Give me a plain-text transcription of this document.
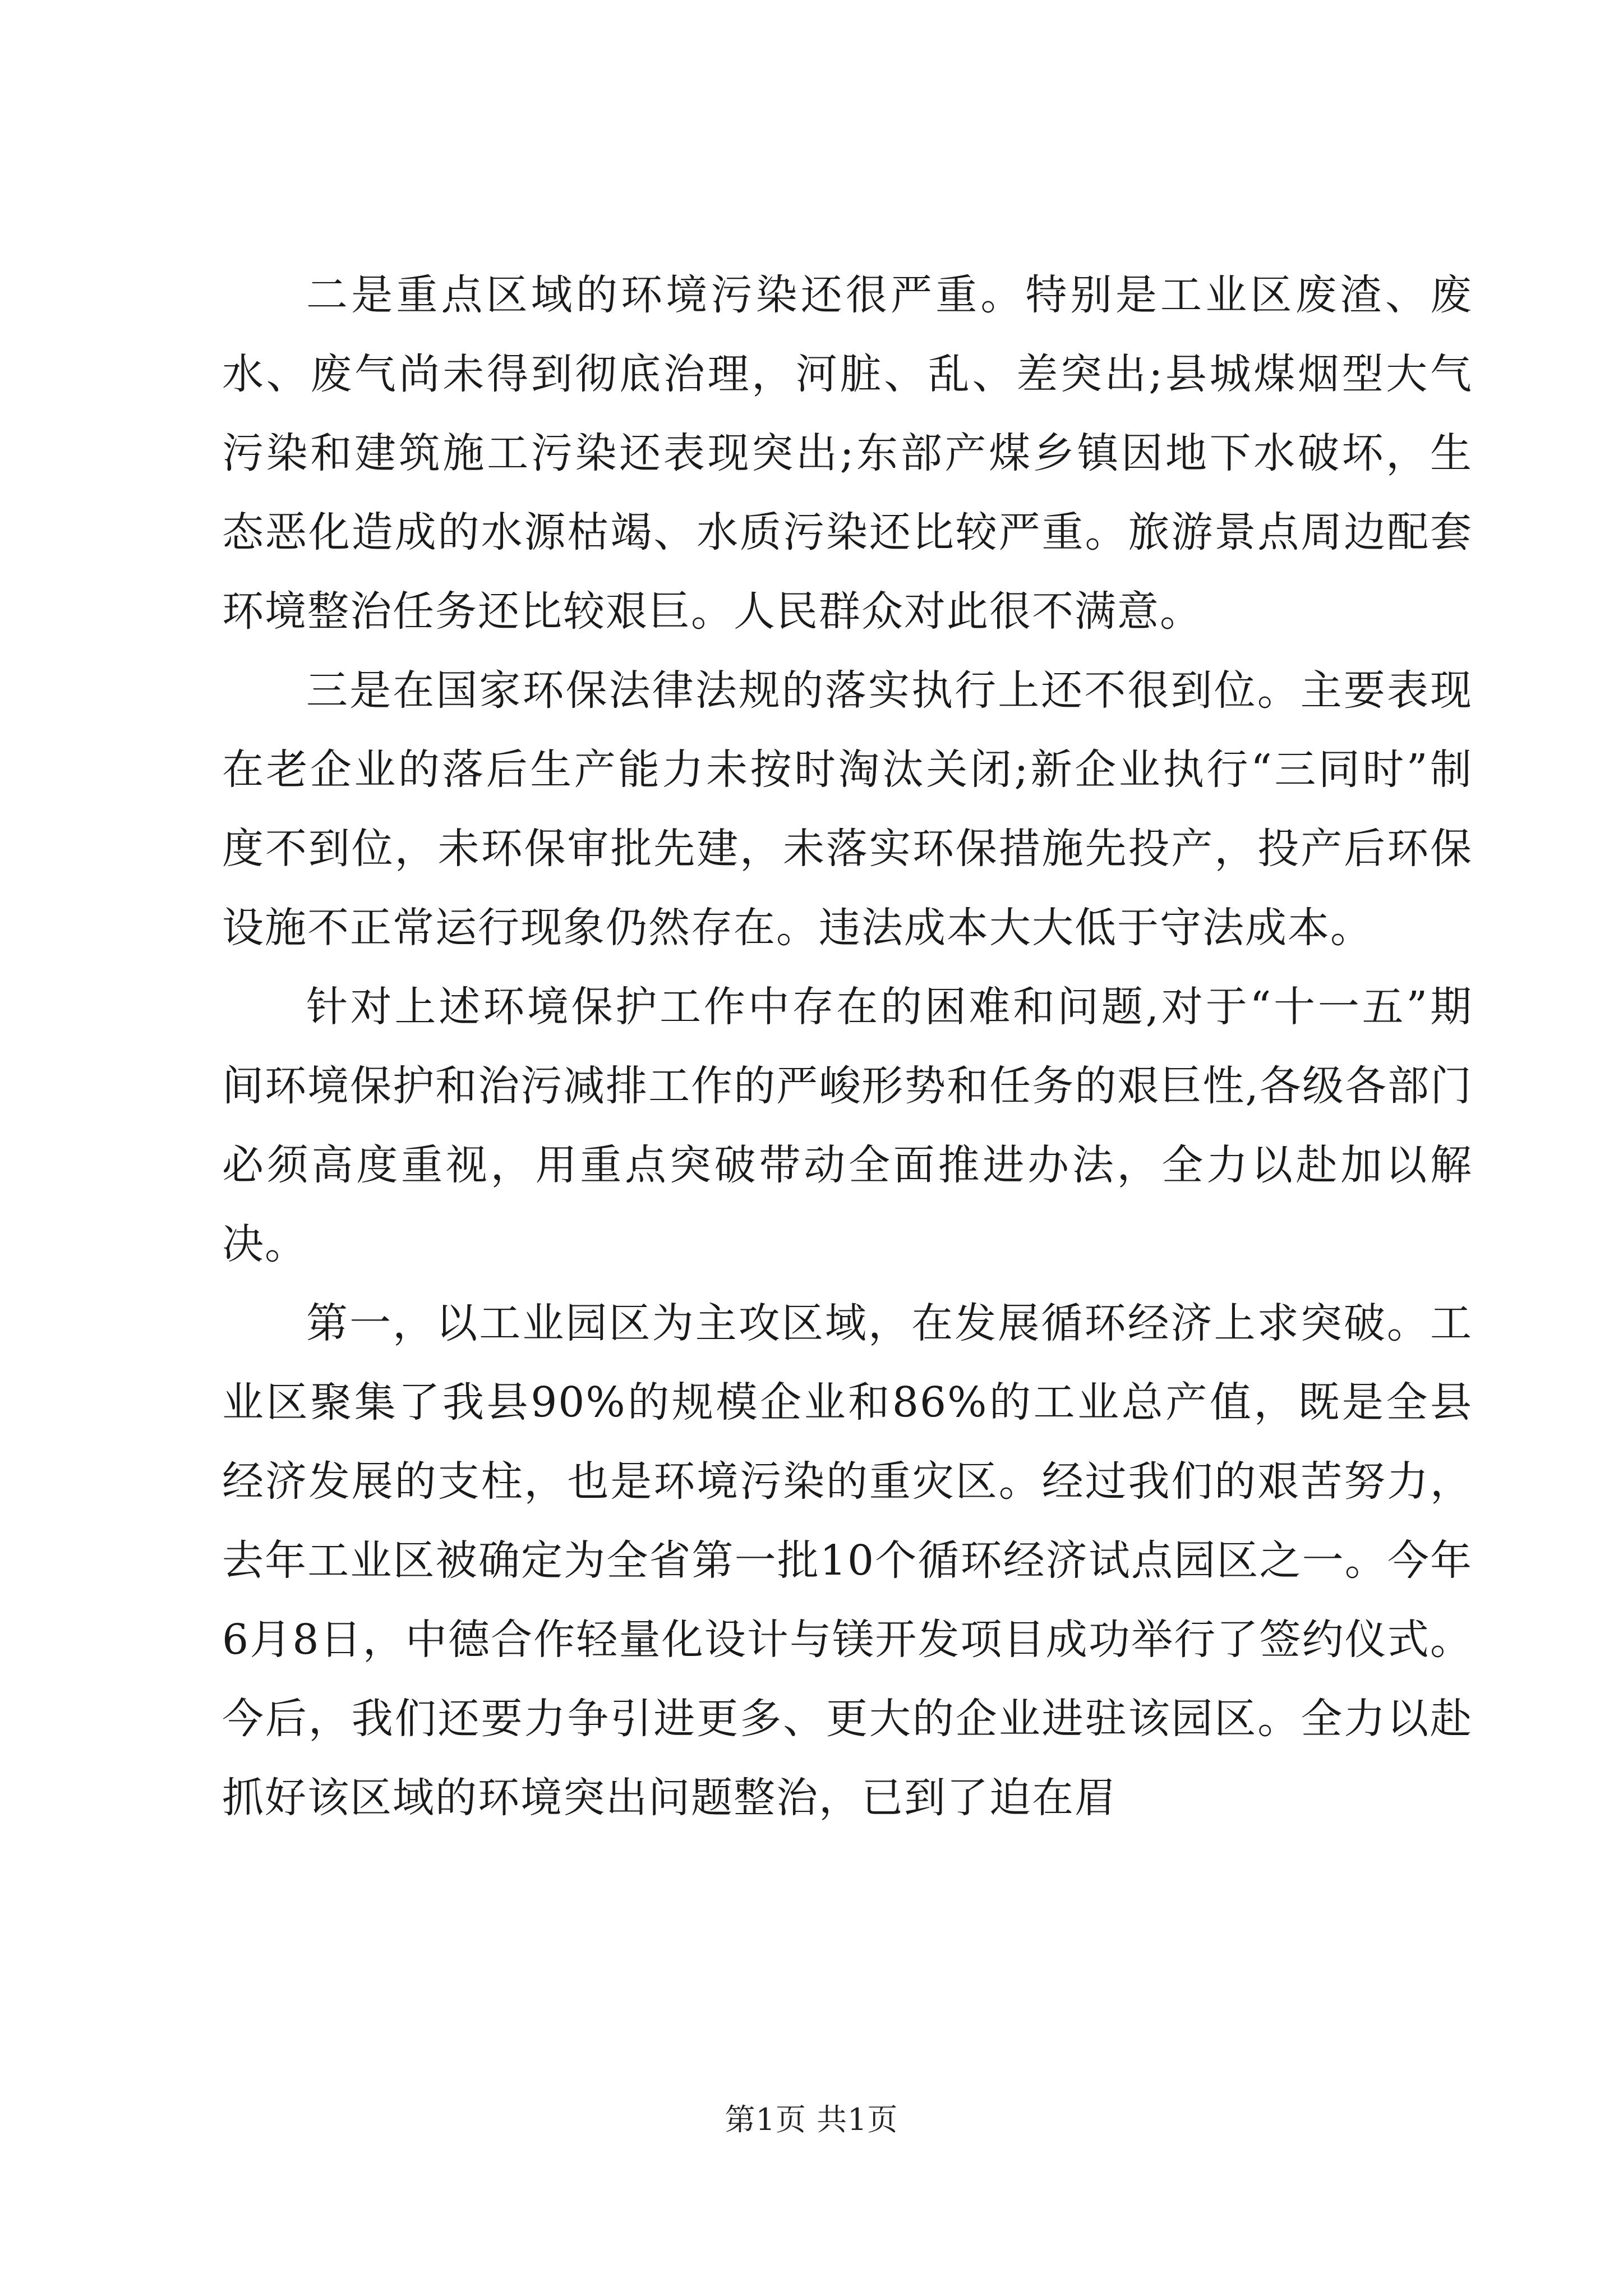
二是重点区域的环境污染还很严重。特别是工业区废渣、废水、废气尚未得到彻底治理，河脏、乱、差突出;县城煤烟型大气污染和建筑施工污染还表现突出;东部产煤乡镇因地下水破坏，生态恶化造成的水源枯竭、水质污染还比较严重。旅游景点周边配套环境整治任务还比较艰巨。人民群众对此很不满意。

三是在国家环保法律法规的落实执行上还不很到位。主要表现在老企业的落后生产能力未按时淘汰关闭;新企业执行“三同时”制度不到位，未环保审批先建，未落实环保措施先投产，投产后环保设施不正常运行现象仍然存在。违法成本大大低于守法成本。

针对上述环境保护工作中存在的困难和问题,对于“十一五”期间环境保护和治污减排工作的严峻形势和任务的艰巨性,各级各部门必须高度重视，用重点突破带动全面推进办法，全力以赴加以解决。

第一，以工业园区为主攻区域，在发展循环经济上求突破。工业区聚集了我县90%的规模企业和86%的工业总产值，既是全县经济发展的支柱，也是环境污染的重灾区。经过我们的艰苦努力，去年工业区被确定为全省第一批10个循环经济试点园区之一。今年6月8日，中德合作轻量化设计与镁开发项目成功举行了签约仪式。今后，我们还要力争引进更多、更大的企业进驻该园区。全力以赴抓好该区域的环境突出问题整治，已到了迫在眉

第1页 共1页
